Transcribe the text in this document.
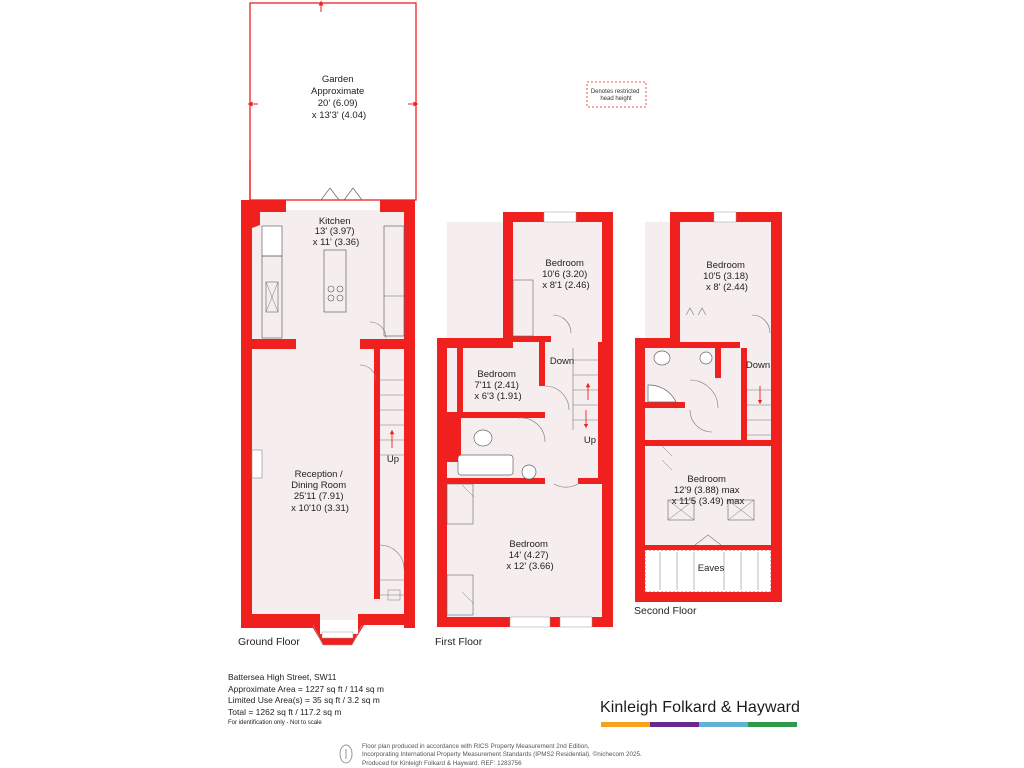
Garden Approximate 20' (6.09) x 13'3' (4.04)
Kitchen 13' (3.97) x 11' (3.36)
Reception / Dining Room 25'11 (7.91) x 10'10 (3.31)
Up
Ground Floor
Bedroom 10'6 (3.20) x 8'1 (2.46)
Bedroom 7'11 (2.41) x 6'3 (1.91)
Bedroom 14' (4.27) x 12' (3.66)
Down
Up
First Floor
Bedroom 10'5 (3.18) x 8' (2.44)
Bedroom 12'9 (3.88) max x 11'5 (3.49) max
Eaves
Down
Second Floor
Denotes restricted head height
Battersea High Street, SW11
Approximate Area = 1227 sq ft / 114 sq m
Limited Use Area(s) = 35 sq ft / 3.2 sq m
Total = 1262 sq ft / 117.2 sq m
For identification only - Not to scale
Kinleigh Folkard & Hayward
Floor plan produced in accordance with RICS Property Measurement 2nd Edition,
Incorporating International Property Measurement Standards (IPMS2 Residential). ©nichecom 2025.
Produced for Kinleigh Folkard & Hayward. REF: 1283756
